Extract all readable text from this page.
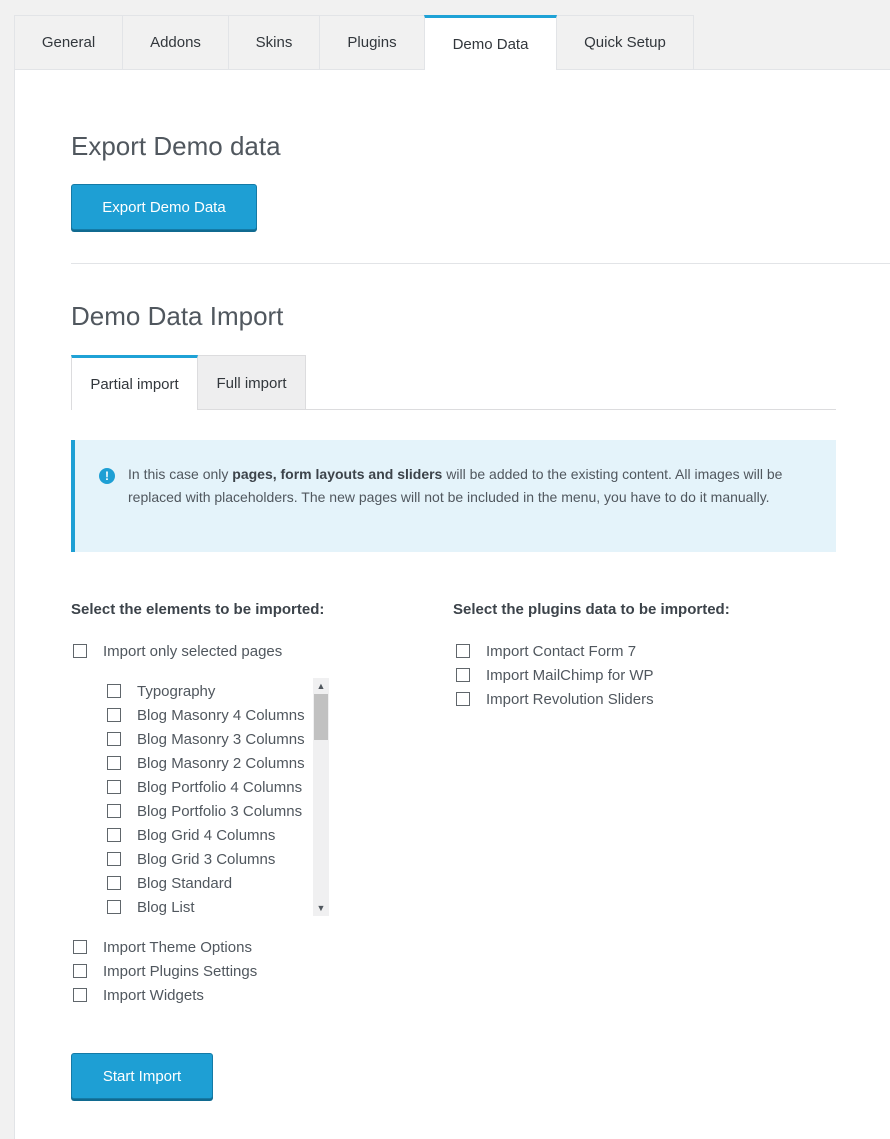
General	Addons	Skins	Plugins	Demo Data	Quick Setup
Export Demo data
Export Demo Data
Demo Data Import
Partial import	Full import
!	In this case only pages, form layouts and sliders will be added to the existing content. All images will be replaced with placeholders. The new pages will not be included in the menu, you have to do it manually.

Select the elements to be imported:	Select the plugins data to be imported:

Import only selected pages
Typography
Blog Masonry 4 Columns
Blog Masonry 3 Columns
Blog Masonry 2 Columns
Blog Portfolio 4 Columns
Blog Portfolio 3 Columns
Blog Grid 4 Columns
Blog Grid 3 Columns
Blog Standard
Blog List
▲
▼
Import Theme Options
Import Plugins Settings
Import Widgets
Import Contact Form 7
Import MailChimp for WP
Import Revolution Sliders
Start Import
